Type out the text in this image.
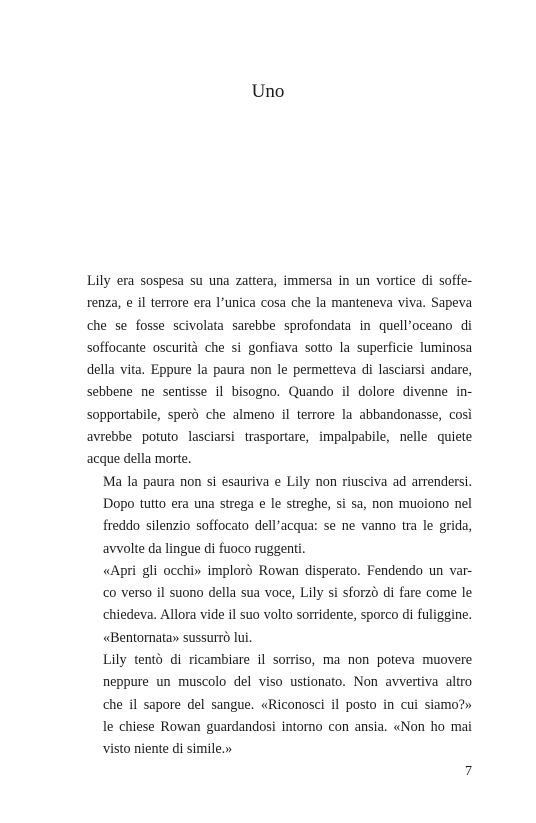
Uno

Lily era sospesa su una zattera, immersa in un vortice di soffe-
renza, e il terrore era l’unica cosa che la manteneva viva. Sapeva
che se fosse scivolata sarebbe sprofondata in quell’oceano di
soffocante oscurità che si gonfiava sotto la superficie luminosa
della vita. Eppure la paura non le permetteva di lasciarsi andare,
sebbene ne sentisse il bisogno. Quando il dolore divenne in-
sopportabile, sperò che almeno il terrore la abbandonasse, così
avrebbe potuto lasciarsi trasportare, impalpabile, nelle quiete
acque della morte.

Ma la paura non si esauriva e Lily non riusciva ad arrendersi.
Dopo tutto era una strega e le streghe, si sa, non muoiono nel
freddo silenzio soffocato dell’acqua: se ne vanno tra le grida,
avvolte da lingue di fuoco ruggenti.

«Apri gli occhi» implorò Rowan disperato. Fendendo un var-
co verso il suono della sua voce, Lily si sforzò di fare come le
chiedeva. Allora vide il suo volto sorridente, sporco di fuliggine.
«Bentornata» sussurrò lui.

Lily tentò di ricambiare il sorriso, ma non poteva muovere
neppure un muscolo del viso ustionato. Non avvertiva altro
che il sapore del sangue. «Riconosci il posto in cui siamo?»
le chiese Rowan guardandosi intorno con ansia. «Non ho mai
visto niente di simile.»

7
